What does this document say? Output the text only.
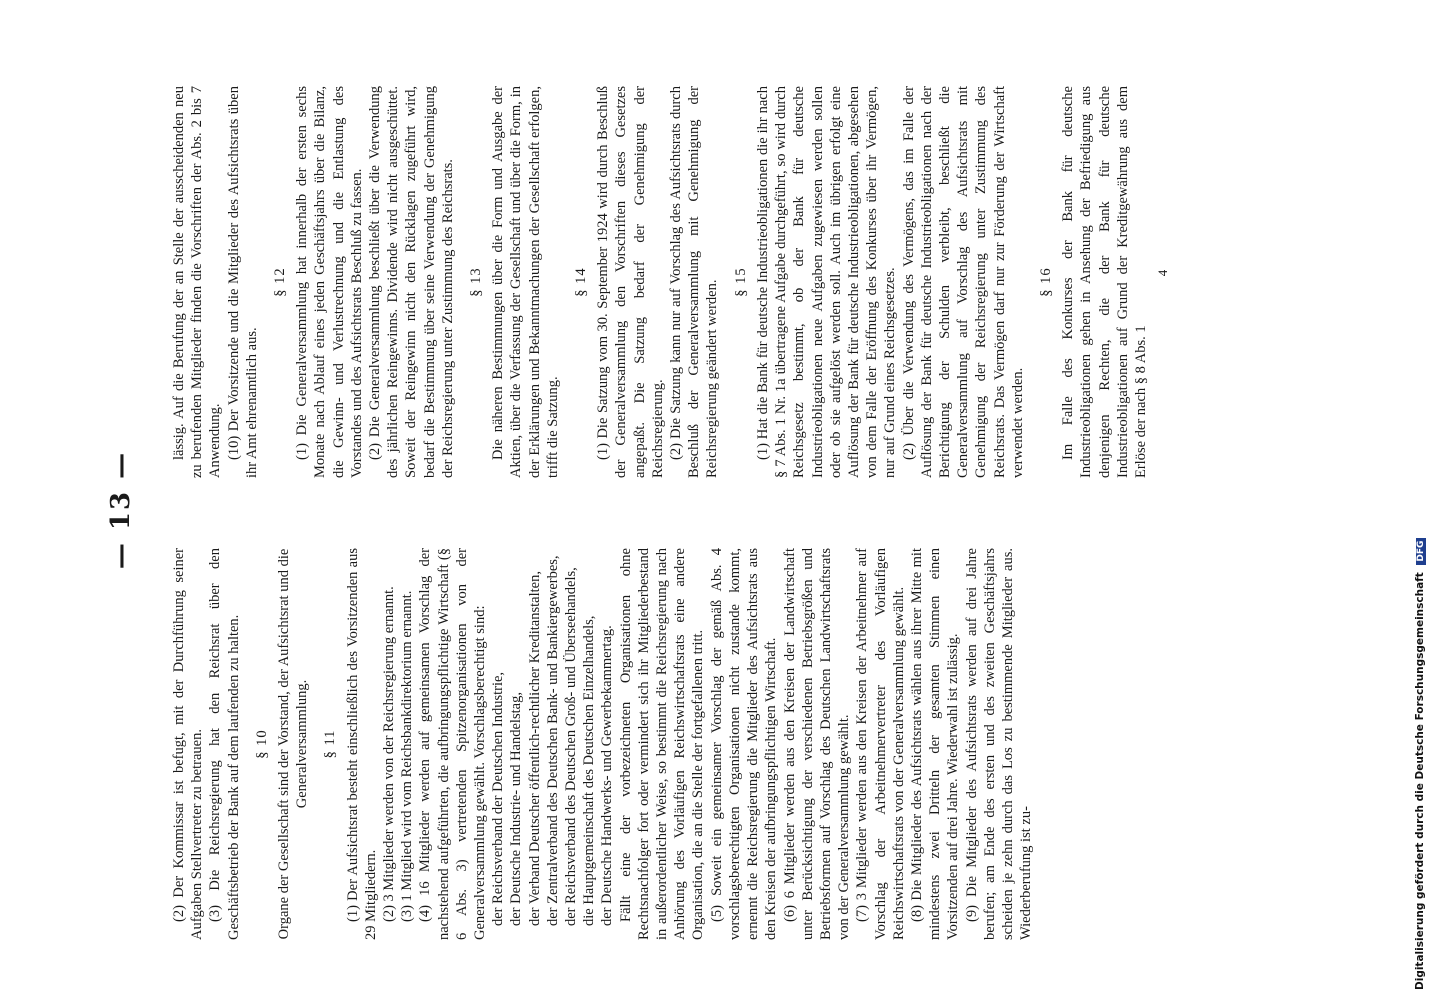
— 13 —

(2) Der Kommissar ist befugt, mit der Durchführung seiner Aufgaben Stellvertreter zu betrauen. (3) Die Reichsregierung hat den Reichsrat über den Geschäftsbetrieb der Bank auf dem laufenden zu halten. § 10 Organe der Gesellschaft sind der Vorstand, der Aufsichtsrat und die Generalversammlung. § 11 (1) Der Aufsichtsrat besteht einschließlich des Vorsitzenden aus 29 Mitgliedern. (2) 3 Mitglieder werden von der Reichsregierung ernannt. (3) 1 Mitglied wird vom Reichsbankdirektorium ernannt. (4) 16 Mitglieder werden auf gemeinsamen Vorschlag der nachstehend aufgeführten, die aufbringungspflichtige Wirtschaft (§ 6 Abs. 3) vertretenden Spitzenorganisationen von der Generalversammlung gewählt. Vorschlagsberechtigt sind: der Reichsverband der Deutschen Industrie, der Deutsche Industrie- und Handelstag, der Verband Deutscher öffentlich-rechtlicher Kreditanstalten, der Zentralverband des Deutschen Bank- und Bankiergewerbes, der Reichsverband des Deutschen Groß- und Überseehandels, die Hauptgemeinschaft des Deutschen Einzelhandels, der Deutsche Handwerks- und Gewerbekammertag. Fällt eine der vorbezeichneten Organisationen ohne Rechtsnachfolger fort oder vermindert sich ihr Mitgliederbestand in außerordentlicher Weise, so bestimmt die Reichsregierung nach Anhörung des Vorläufigen Reichswirtschaftsrats eine andere Organisation, die an die Stelle der fortgefallenen tritt. (5) Soweit ein gemeinsamer Vorschlag der gemäß Abs. 4 vorschlagsberechtigten Organisationen nicht zustande kommt, ernennt die Reichsregierung die Mitglieder des Aufsichtsrats aus den Kreisen der aufbringungspflichtigen Wirtschaft. (6) 6 Mitglieder werden aus den Kreisen der Landwirtschaft unter Berücksichtigung der verschiedenen Betriebsgrößen und Betriebsformen auf Vorschlag des Deutschen Landwirtschaftsrats von der Generalversammlung gewählt. (7) 3 Mitglieder werden aus den Kreisen der Arbeitnehmer auf Vorschlag der Arbeitnehmervertreter des Vorläufigen Reichswirtschaftsrats von der Generalversammlung gewählt. (8) Die Mitglieder des Aufsichtsrats wählen aus ihrer Mitte mit mindestens zwei Dritteln der gesamten Stimmen einen Vorsitzenden auf drei Jahre. Wiederwahl ist zulässig. (9) Die Mitglieder des Aufsichtsrats werden auf drei Jahre berufen; am Ende des ersten und des zweiten Geschäftsjahrs scheiden je zehn durch das Los zu bestimmende Mitglieder aus. Wiederberufung ist zu-

lässig. Auf die Berufung der an Stelle der ausscheidenden neu zu berufenden Mitglieder finden die Vorschriften der Abs. 2 bis 7 Anwendung. (10) Der Vorsitzende und die Mitglieder des Aufsichtsrats üben ihr Amt ehrenamtlich aus.

§ 12 (1) Die Generalversammlung hat innerhalb der ersten sechs Monate nach Ablauf eines jeden Geschäftsjahrs über die Bilanz, die Gewinn- und Verlustrechnung und die Entlastung des Vorstandes und des Aufsichtsrats Beschluß zu fassen. (2) Die Generalversammlung beschließt über die Verwendung des jährlichen Reingewinns. Dividende wird nicht ausgeschüttet. Soweit der Reingewinn nicht den Rücklagen zugeführt wird, bedarf die Bestimmung über seine Verwendung der Genehmigung der Reichsregierung unter Zustimmung des Reichsrats. § 13 Die näheren Bestimmungen über die Form und Ausgabe der Aktien, über die Verfassung der Gesellschaft und über die Form, in der Erklärungen und Bekanntmachungen der Gesellschaft erfolgen, trifft die Satzung.

§ 14 (1) Die Satzung vom 30. September 1924 wird durch Beschluß der Generalversammlung den Vorschriften dieses Gesetzes angepaßt. Die Satzung bedarf der Genehmigung der Reichsregierung. (2) Die Satzung kann nur auf Vorschlag des Aufsichtsrats durch Beschluß der Generalversammlung mit Genehmigung der Reichsregierung geändert werden. § 15 (1) Hat die Bank für deutsche Industrieobligationen die ihr nach § 7 Abs. 1 Nr. 1a übertragene Aufgabe durchgeführt, so wird durch Reichsgesetz bestimmt, ob der Bank für deutsche Industrieobligationen neue Aufgaben zugewiesen werden sollen oder ob sie aufgelöst werden soll. Auch im übrigen erfolgt eine Auflösung der Bank für deutsche Industrieobligationen, abgesehen von dem Falle der Eröffnung des Konkurses über ihr Vermögen, nur auf Grund eines Reichsgesetzes. (2) Über die Verwendung des Vermögens, das im Falle der Auflösung der Bank für deutsche Industrieobligationen nach der Berichtigung der Schulden verbleibt, beschließt die Generalversammlung auf Vorschlag des Aufsichtsrats mit Genehmigung der Reichsregierung unter Zustimmung des Reichsrats. Das Vermögen darf nur zur Förderung der Wirtschaft verwendet werden.

§ 16 Im Falle des Konkurses der Bank für deutsche Industrieobligationen gehen in Ansehung der Befriedigung aus denjenigen Rechten, die der Bank für deutsche Industrieobligationen auf Grund der Kreditgewährung aus dem Erlöse der nach § 8 Abs. 1

4

Digitalisierung gefördert durch die Deutsche Forschungsgemeinschaft DFG
